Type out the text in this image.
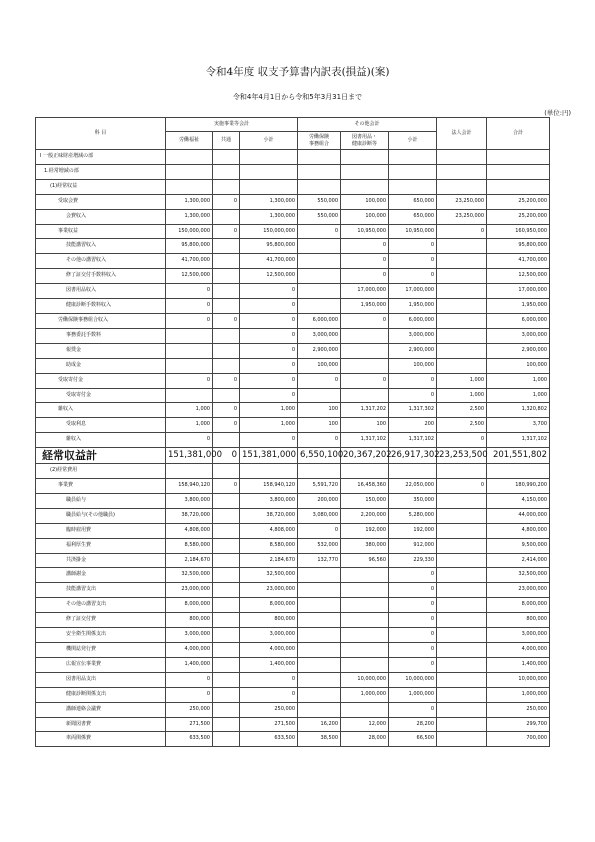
令和4年度 収支予算書内訳表(損益)(案)
令和4年4月1日から令和5年3月31日まで
(単位:円)
科 目	実施事業等会計			その他会計			法人会計	合計
	労働福祉	共通	小計	労働保険
事務組合	図書用品・
健康診断等	小計		
Ⅰ 一般正味財産増減の部								
1.経常増減の部								
(1)経常収益								
受取会費	1,300,000	0	1,300,000	550,000	100,000	650,000	23,250,000	25,200,000
会費収入	1,300,000		1,300,000	550,000	100,000	650,000	23,250,000	25,200,000
事業収益	150,000,000	0	150,000,000	0	10,950,000	10,950,000	0	160,950,000
技能講習収入	95,800,000		95,800,000		0	0		95,800,000
その他の講習収入	41,700,000		41,700,000		0	0		41,700,000
修了証交付手数料収入	12,500,000		12,500,000		0	0		12,500,000
図書用品収入	0		0		17,000,000	17,000,000		17,000,000
健康診断手数料収入	0		0		1,950,000	1,950,000		1,950,000
労働保険事務組合収入	0	0	0	6,000,000	0	6,000,000		6,000,000
事務委託手数料			0	3,000,000		3,000,000		3,000,000
報奨金			0	2,900,000		2,900,000		2,900,000
助成金			0	100,000		100,000		100,000
受取寄付金	0	0	0	0	0	0	1,000	1,000
受取寄付金			0			0	1,000	1,000
雑収入	1,000	0	1,000	100	1,317,202	1,317,302	2,500	1,320,802
受取利息	1,000	0	1,000	100	100	200	2,500	3,700
雑収入	0		0	0	1,317,102	1,317,102	0	1,317,102
経常収益計	151,381,000	0	151,381,000	6,550,100	20,367,202	26,917,302	23,253,500	201,551,802
(2)経常費用								
事業費	158,940,120	0	158,940,120	5,591,720	16,458,360	22,050,000	0	180,990,200
職員給与	3,800,000		3,800,000	200,000	150,000	350,000		4,150,000
職員給与(その他職員)	38,720,000		38,720,000	3,080,000	2,200,000	5,280,000		44,000,000
臨時雇用費	4,808,000		4,808,000	0	192,000	192,000		4,800,000
福利厚生費	8,580,000		8,580,000	532,000	380,000	912,000		9,500,000
共済掛金	2,184,670		2,184,670	132,770	96,560	229,330		2,414,000
講師謝金	32,500,000		32,500,000			0		32,500,000
技能講習支出	23,000,000		23,000,000			0		23,000,000
その他の講習支出	8,000,000		8,000,000			0		8,000,000
修了証交付費	800,000		800,000			0		800,000
安全衛生関係支出	3,000,000		3,000,000			0		3,000,000
機関誌発行費	4,000,000		4,000,000			0		4,000,000
広報宣伝事業費	1,400,000		1,400,000			0		1,400,000
図書用品支出	0		0		10,000,000	10,000,000		10,000,000
健康診断関係支出	0		0		1,000,000	1,000,000		1,000,000
講師連絡会議費	250,000		250,000			0		250,000
新聞図書費	271,500		271,500	16,200	12,000	28,200		299,700
車両関係費	633,500		633,500	38,500	28,000	66,500		700,000
